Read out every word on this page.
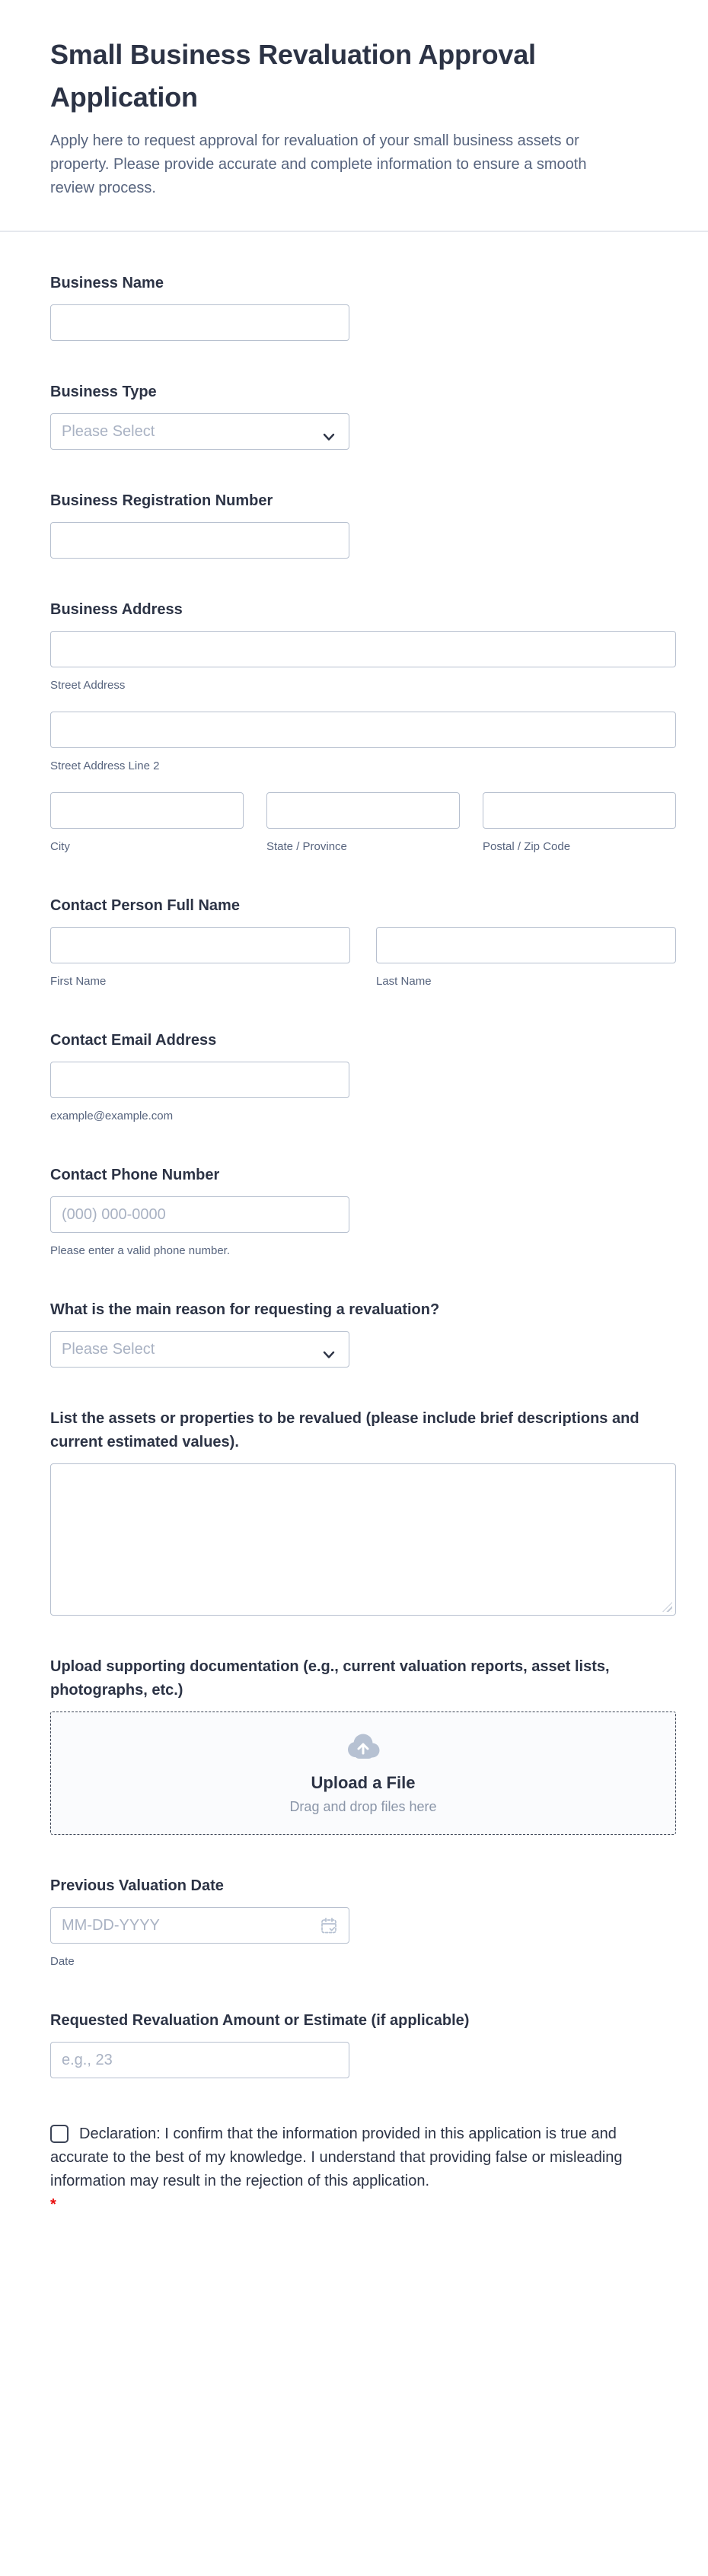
Small Business Revaluation Approval Application

Apply here to request approval for revaluation of your small business assets or property. Please provide accurate and complete information to ensure a smooth review process.

Business Name
Business Type
Please Select
Business Registration Number
Business Address
Street Address
Street Address Line 2
City	State / Province	Postal / Zip Code
Contact Person Full Name
First Name	Last Name
Contact Email Address
example@example.com
Contact Phone Number
(000) 000-0000
Please enter a valid phone number.
What is the main reason for requesting a revaluation?
Please Select
List the assets or properties to be revalued (please include brief descriptions and current estimated values).
Upload supporting documentation (e.g., current valuation reports, asset lists, photographs, etc.)
Upload a File
Drag and drop files here
Previous Valuation Date
MM-DD-YYYY
Date
Requested Revaluation Amount or Estimate (if applicable)
e.g., 23
Declaration: I confirm that the information provided in this application is true and accurate to the best of my knowledge. I understand that providing false or misleading information may result in the rejection of this application.
*
